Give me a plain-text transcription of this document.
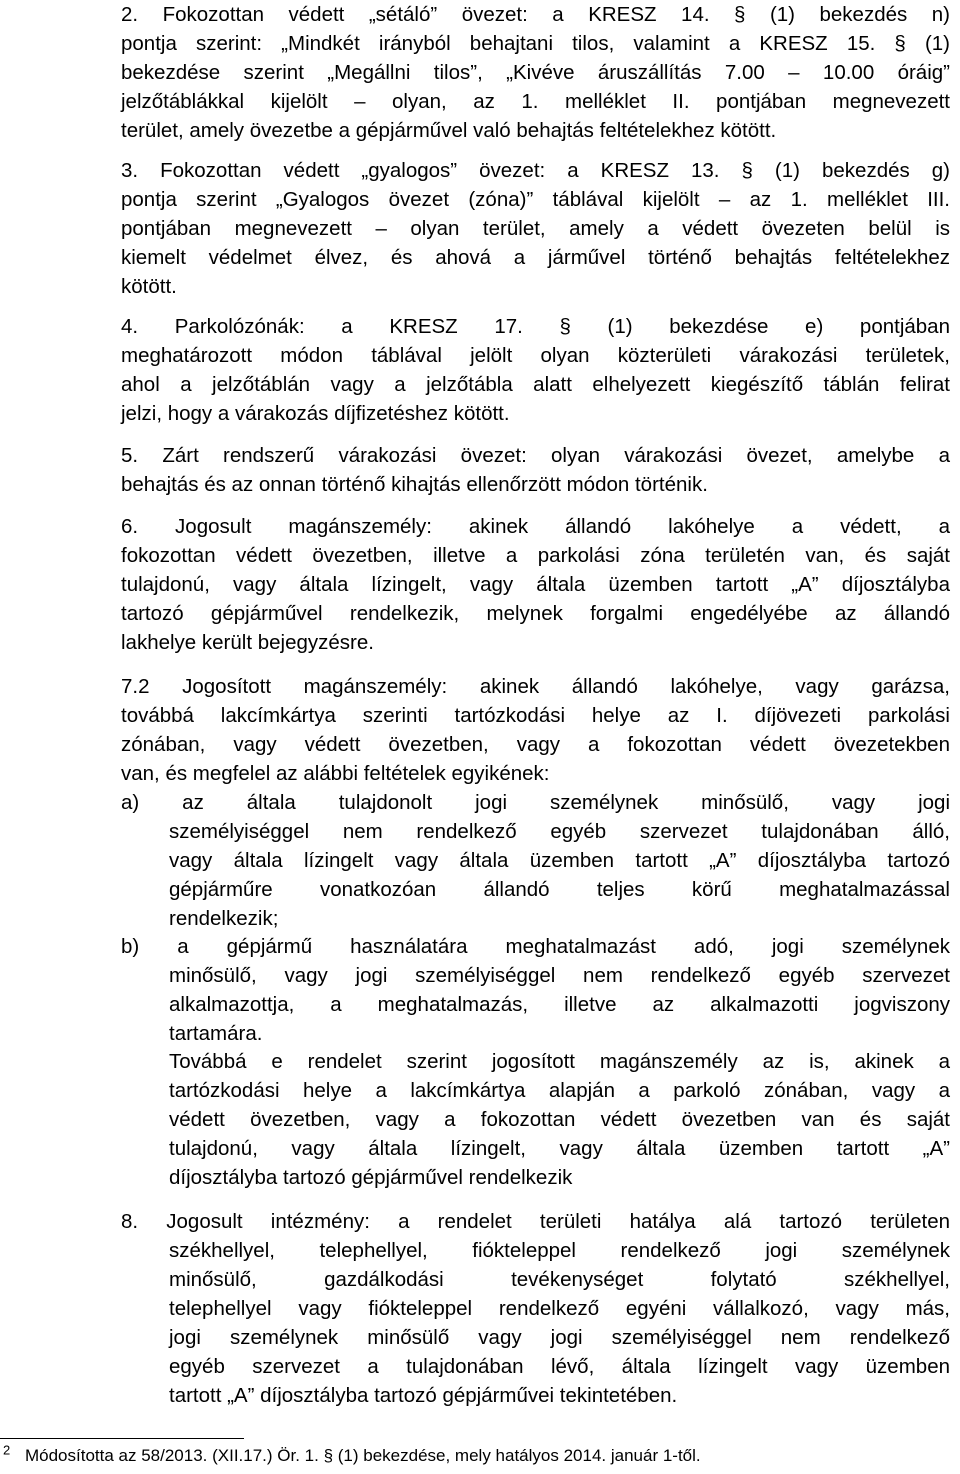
2. Fokozottan védett „sétáló” övezet: a KRESZ 14. § (1) bekezdés n)
pontja szerint: „Mindkét irányból behajtani tilos, valamint a KRESZ 15. § (1)
bekezdése szerint „Megállni tilos”, „Kivéve áruszállítás 7.00 – 10.00 óráig”
jelzőtáblákkal kijelölt – olyan, az 1. melléklet II. pontjában megnevezett
terület, amely övezetbe a gépjárművel való behajtás feltételekhez kötött.
3. Fokozottan védett „gyalogos” övezet: a KRESZ 13. § (1) bekezdés g)
pontja szerint „Gyalogos övezet (zóna)” táblával kijelölt – az 1. melléklet III.
pontjában megnevezett – olyan terület, amely a védett övezeten belül is
kiemelt védelmet élvez, és ahová a járművel történő behajtás feltételekhez
kötött.
4. Parkolózónák: a KRESZ 17. § (1) bekezdése e) pontjában
meghatározott módon táblával jelölt olyan közterületi várakozási területek,
ahol a jelzőtáblán vagy a jelzőtábla alatt elhelyezett kiegészítő táblán felirat
jelzi, hogy a várakozás díjfizetéshez kötött.
5. Zárt rendszerű várakozási övezet: olyan várakozási övezet, amelybe a
behajtás és az onnan történő kihajtás ellenőrzött módon történik.
6. Jogosult magánszemély: akinek állandó lakóhelye a védett, a
fokozottan védett övezetben, illetve a parkolási zóna területén van, és saját
tulajdonú, vagy általa lízingelt, vagy általa üzemben tartott „A” díjosztályba
tartozó gépjárművel rendelkezik, melynek forgalmi engedélyébe az állandó
lakhelye került bejegyzésre.
7.2 Jogosított magánszemély: akinek állandó lakóhelye, vagy garázsa,
továbbá lakcímkártya szerinti tartózkodási helye az I. díjövezeti parkolási
zónában, vagy védett övezetben, vagy a fokozottan védett övezetekben
van, és megfelel az alábbi feltételek egyikének:
a) az általa tulajdonolt jogi személynek minősülő, vagy jogi
személyiséggel nem rendelkező egyéb szervezet tulajdonában álló,
vagy általa lízingelt vagy általa üzemben tartott „A” díjosztályba tartozó
gépjárműre vonatkozóan állandó teljes körű meghatalmazással
rendelkezik;
b) a gépjármű használatára meghatalmazást adó, jogi személynek
minősülő, vagy jogi személyiséggel nem rendelkező egyéb szervezet
alkalmazottja, a meghatalmazás, illetve az alkalmazotti jogviszony
tartamára.
Továbbá e rendelet szerint jogosított magánszemély az is, akinek a
tartózkodási helye a lakcímkártya alapján a parkoló zónában, vagy a
védett övezetben, vagy a fokozottan védett övezetben van és saját
tulajdonú, vagy általa lízingelt, vagy általa üzemben tartott „A”
díjosztályba tartozó gépjárművel rendelkezik
8. Jogosult intézmény: a rendelet területi hatálya alá tartozó területen
székhellyel, telephellyel, fiókteleppel rendelkező jogi személynek
minősülő, gazdálkodási tevékenységet folytató székhellyel,
telephellyel vagy fiókteleppel rendelkező egyéni vállalkozó, vagy más,
jogi személynek minősülő vagy jogi személyiséggel nem rendelkező
egyéb szervezet a tulajdonában lévő, általa lízingelt vagy üzemben
tartott „A” díjosztályba tartozó gépjárművei tekintetében.
$^2$ Módosította az 58/2013. (XII.17.) Ör. 1. § (1) bekezdése, mely hatályos 2014. január 1-től.
